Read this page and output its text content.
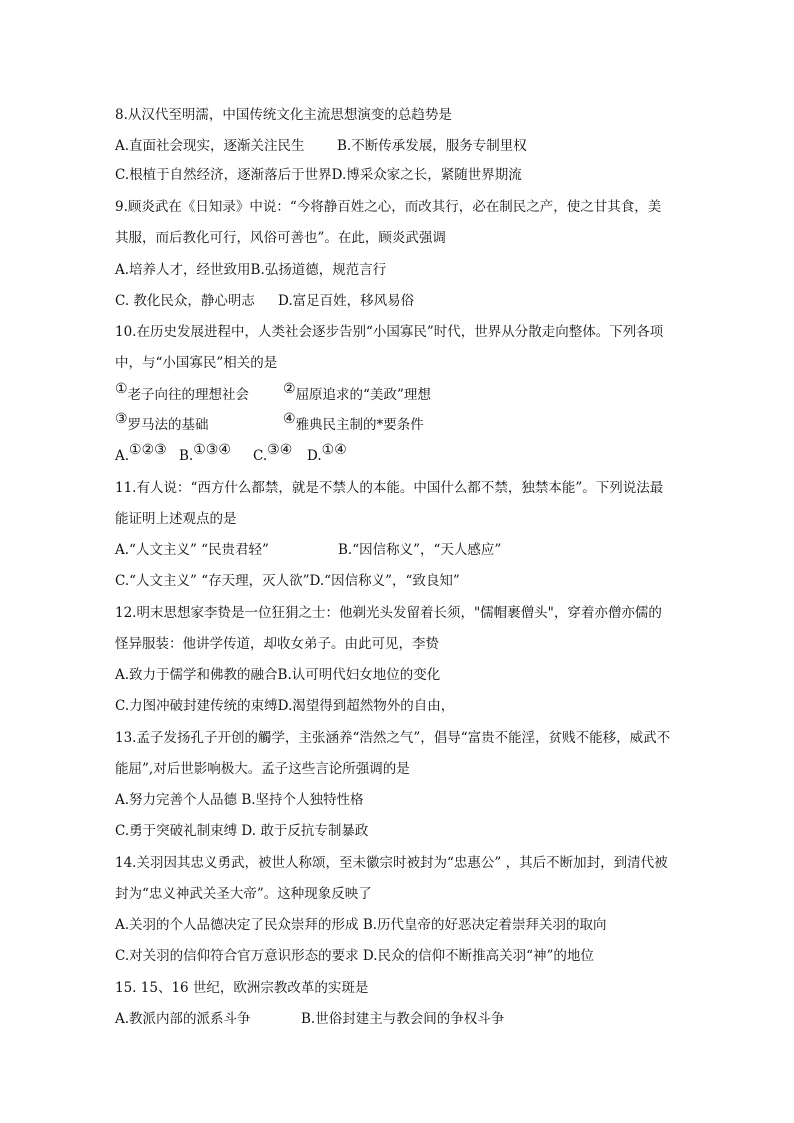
8.从汉代至明濡，中国传统文化主流思想演变的总趋势是
A.直面社会现实，逐渐关注民生 B.不断传承发展，服务专制里权
C.根植于自然经济，逐渐落后于世界D.博采众家之长，紧随世界期流
9.顾炎武在《日知录》中说：“今将静百姓之心，而改其行，必在制民之产，使之甘其食，美
其服，而后教化可行，风俗可善也”。在此，顾炎武强调
A.培养人才，经世致用B.弘扬道德，规范言行
C. 教化民众，静心明志 D.富足百姓，移风易俗
10.在历史发展进程中，人类社会逐步告别“小国寡民”时代，世界从分散走向整体。下列各项
中，与“小国寡民”相关的是
①老子向往的理想社会 ②屈原追求的“美政”理想
③罗马法的基础	④雅典民主制的*要条件
A.①②③ B.①③④ C.③④ D.①④
11.有人说：“西方什么都禁，就是不禁人的本能。中国什么都不禁，独禁本能”。下列说法最
能证明上述观点的是
A.“人文主义” “民贵君轻”	B.“因信称义”，“天人感应”
C.“人文主义” “存天理，灭人欲”D.“因信称义”，“致良知”
12.明末思想家李贽是一位狂狷之士：他剃光头发留着长须，"儒帽裹僧头"，穿着亦僧亦儒的
怪异服装：他讲学传道，却收女弟子。由此可见，李贽
A.致力于儒学和佛教的融合B.认可明代妇女地位的变化
C.力图冲破封建传统的束缚D.渴望得到超然物外的自由，
13.孟子发扬孔子开创的觸学，主张涵养“浩然之气”，倡导“富贵不能淫，贫贱不能移，威武不
能屈”,对后世影响极大。孟子这些言论所强调的是
A.努力完善个人品德 B.坚持个人独特性格
C.勇于突破礼制束缚 D. 敢于反抗专制暴政
14.关羽因其忠义勇武，被世人称颂，至未徽宗时被封为“忠惠公” ，其后不断加封，到清代被
封为“忠义神武关圣大帝”。这种现象反映了
A.关羽的个人品德决定了民众崇拜的形成 B.历代皇帝的好恶决定着崇拜关羽的取向
C.对关羽的信仰符合官万意识形态的要求 D.民众的信仰不断推高关羽“神”的地位
15. 15、16 世纪，欧洲宗教改革的实斑是
A.教派内部的派系斗争	B.世俗封建主与教会间的争权斗争
